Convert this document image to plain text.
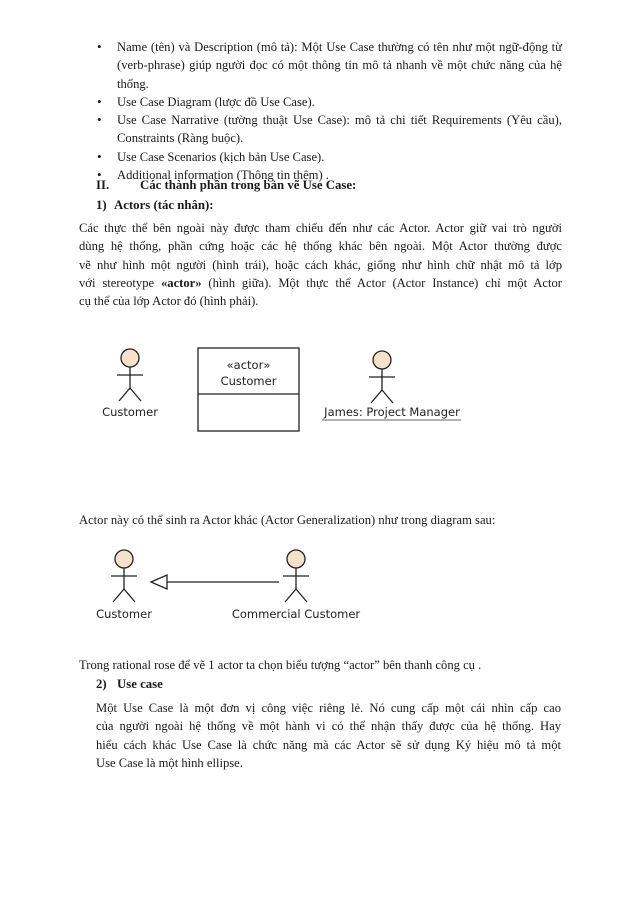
• Name (tên) và Description (mô tả): Một Use Case thường có tên như một ngữ-động từ (verb-phrase) giúp người đọc có một thông tin mô tả nhanh về một chức năng của hệ thống.
• Use Case Diagram (lược đồ Use Case).
• Use Case Narrative (tường thuật Use Case): mô tả chi tiết Requirements (Yêu cầu), Constraints (Ràng buộc).
• Use Case Scenarios (kịch bản Use Case).
• Additional information (Thông tin thêm) .
II. Các thành phần trong bản vẽ Use Case:
1) Actors (tác nhân):
Các thực thể bên ngoài này được tham chiếu đến như các Actor. Actor giữ vai trò người
dùng hệ thống, phần cứng hoặc các hệ thống khác bên ngoài. Một Actor thường được
vẽ như hình một người (hình trái), hoặc cách khác, giống như hình chữ nhật mô tả lớp
với stereotype «actor» (hình giữa). Một thực thể Actor (Actor Instance) chỉ một Actor
cụ thể của lớp Actor đó (hình phải).
Customer
«actor»
Customer
James: Project Manager
Actor này có thể sinh ra Actor khác (Actor Generalization) như trong diagram sau:
Customer	Commercial Customer
Trong rational rose để vẽ 1 actor ta chọn biểu tượng “actor” bên thanh công cụ .
2) Use case
Một Use Case là một đơn vị công việc riêng lẻ. Nó cung cấp một cái nhìn cấp cao
của người ngoài hệ thống về một hành vi có thể nhận thấy được của hệ thống. Hay
hiểu cách khác Use Case là chức năng mà các Actor sẽ sử dụng Ký hiệu mô tả một
Use Case là một hình ellipse.
